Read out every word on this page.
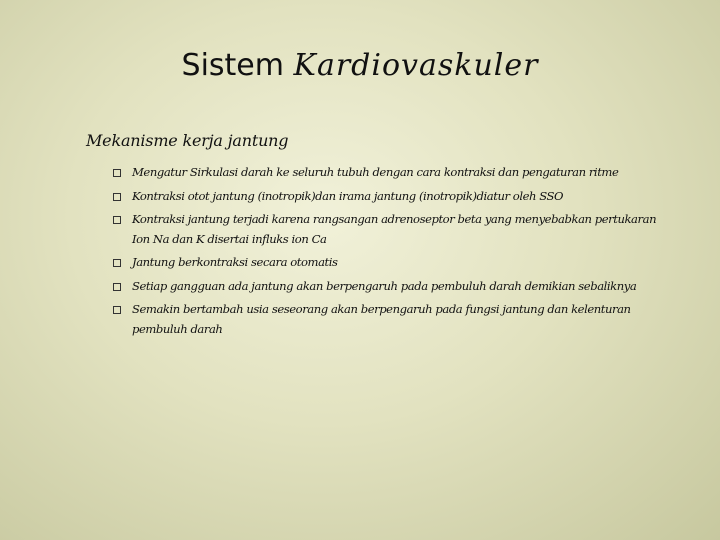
Sistem Kardiovaskuler
Mekanisme kerja jantung
Mengatur Sirkulasi darah ke seluruh tubuh dengan cara kontraksi dan pengaturan ritme
Kontraksi otot jantung (inotropik)dan irama jantung (inotropik)diatur oleh SSO
Kontraksi jantung terjadi karena rangsangan adrenoseptor beta yang menyebabkan pertukaran Ion Na dan K disertai influks ion Ca
Jantung berkontraksi secara otomatis
Setiap gangguan ada jantung akan berpengaruh pada pembuluh darah demikian sebaliknya
Semakin bertambah usia seseorang akan berpengaruh pada fungsi jantung dan kelenturan pembuluh darah
